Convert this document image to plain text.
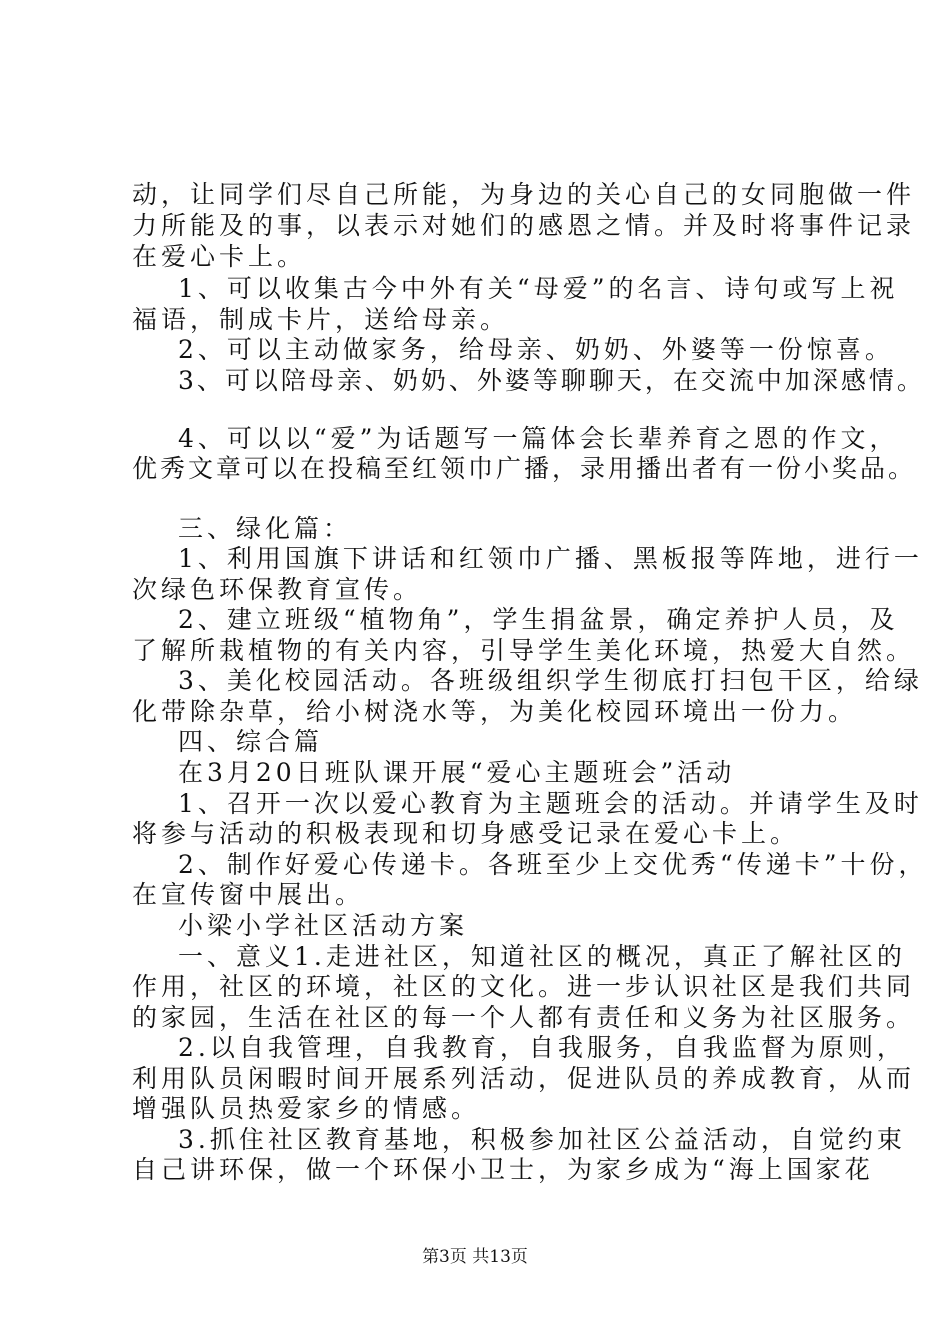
动，让同学们尽自己所能，为身边的关心自己的女同胞做一件
力所能及的事，以表示对她们的感恩之情。并及时将事件记录
在爱心卡上。
1、可以收集古今中外有关“母爱”的名言、诗句或写上祝
福语，制成卡片，送给母亲。
2、可以主动做家务，给母亲、奶奶、外婆等一份惊喜。
3、可以陪母亲、奶奶、外婆等聊聊天，在交流中加深感情。
4、可以以“爱”为话题写一篇体会长辈养育之恩的作文，
优秀文章可以在投稿至红领巾广播，录用播出者有一份小奖品。
三、绿化篇：
1、利用国旗下讲话和红领巾广播、黑板报等阵地，进行一
次绿色环保教育宣传。
2、建立班级“植物角”，学生捐盆景，确定养护人员，及
了解所栽植物的有关内容，引导学生美化环境，热爱大自然。
3、美化校园活动。各班级组织学生彻底打扫包干区，给绿
化带除杂草，给小树浇水等，为美化校园环境出一份力。
四、综合篇
在3月20日班队课开展“爱心主题班会”活动
1、召开一次以爱心教育为主题班会的活动。并请学生及时
将参与活动的积极表现和切身感受记录在爱心卡上。
2、制作好爱心传递卡。各班至少上交优秀“传递卡”十份，
在宣传窗中展出。
小梁小学社区活动方案
一、意义1.走进社区，知道社区的概况，真正了解社区的
作用，社区的环境，社区的文化。进一步认识社区是我们共同
的家园，生活在社区的每一个人都有责任和义务为社区服务。
2.以自我管理，自我教育，自我服务，自我监督为原则，
利用队员闲暇时间开展系列活动，促进队员的养成教育，从而
增强队员热爱家乡的情感。
3.抓住社区教育基地，积极参加社区公益活动，自觉约束
自己讲环保，做一个环保小卫士，为家乡成为“海上国家花
第3页 共13页
